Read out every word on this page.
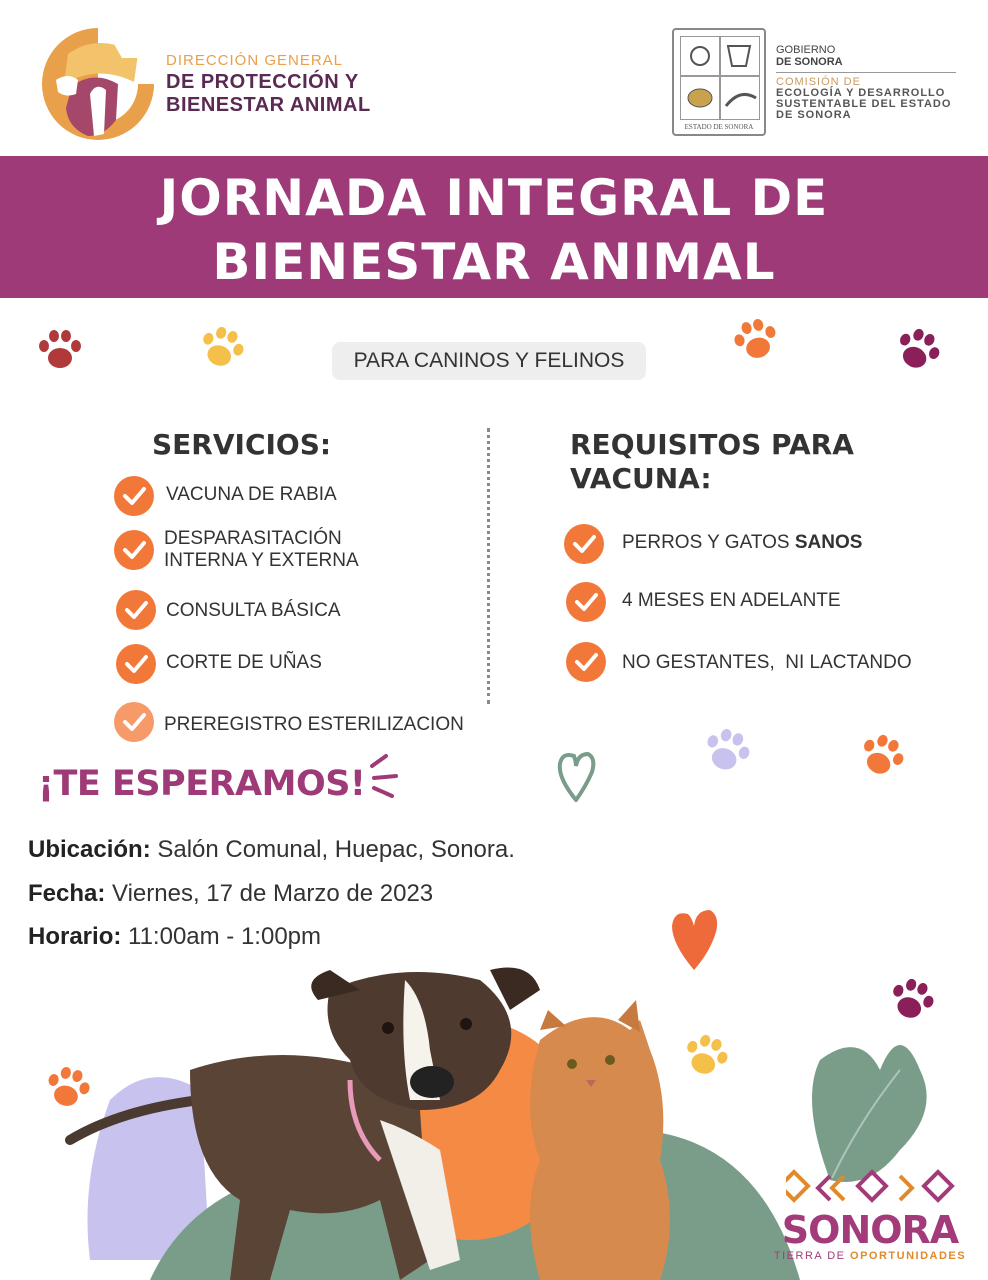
DIRECCIÓN GENERAL
DE PROTECCIÓN Y
BIENESTAR ANIMAL
ESTADO DE SONORA
GOBIERNO
DE SONORA
COMISIÓN DE
ECOLOGÍA Y DESARROLLO SUSTENTABLE DEL ESTADO DE SONORA
JORNADA INTEGRAL DE BIENESTAR ANIMAL
PARA CANINOS Y FELINOS
SERVICIOS:
VACUNA DE RABIA
DESPARASITACIÓN INTERNA Y EXTERNA
CONSULTA BÁSICA
CORTE DE UÑAS
PREREGISTRO ESTERILIZACION
REQUISITOS PARA VACUNA:
PERROS Y GATOS SANOS
4 MESES EN ADELANTE
NO GESTANTES,  NI LACTANDO
¡TE ESPERAMOS!
Ubicación: Salón Comunal, Huepac, Sonora.
Fecha: Viernes, 17 de Marzo de 2023
Horario: 11:00am - 1:00pm
SONORA
TIERRA DE OPORTUNIDADES
